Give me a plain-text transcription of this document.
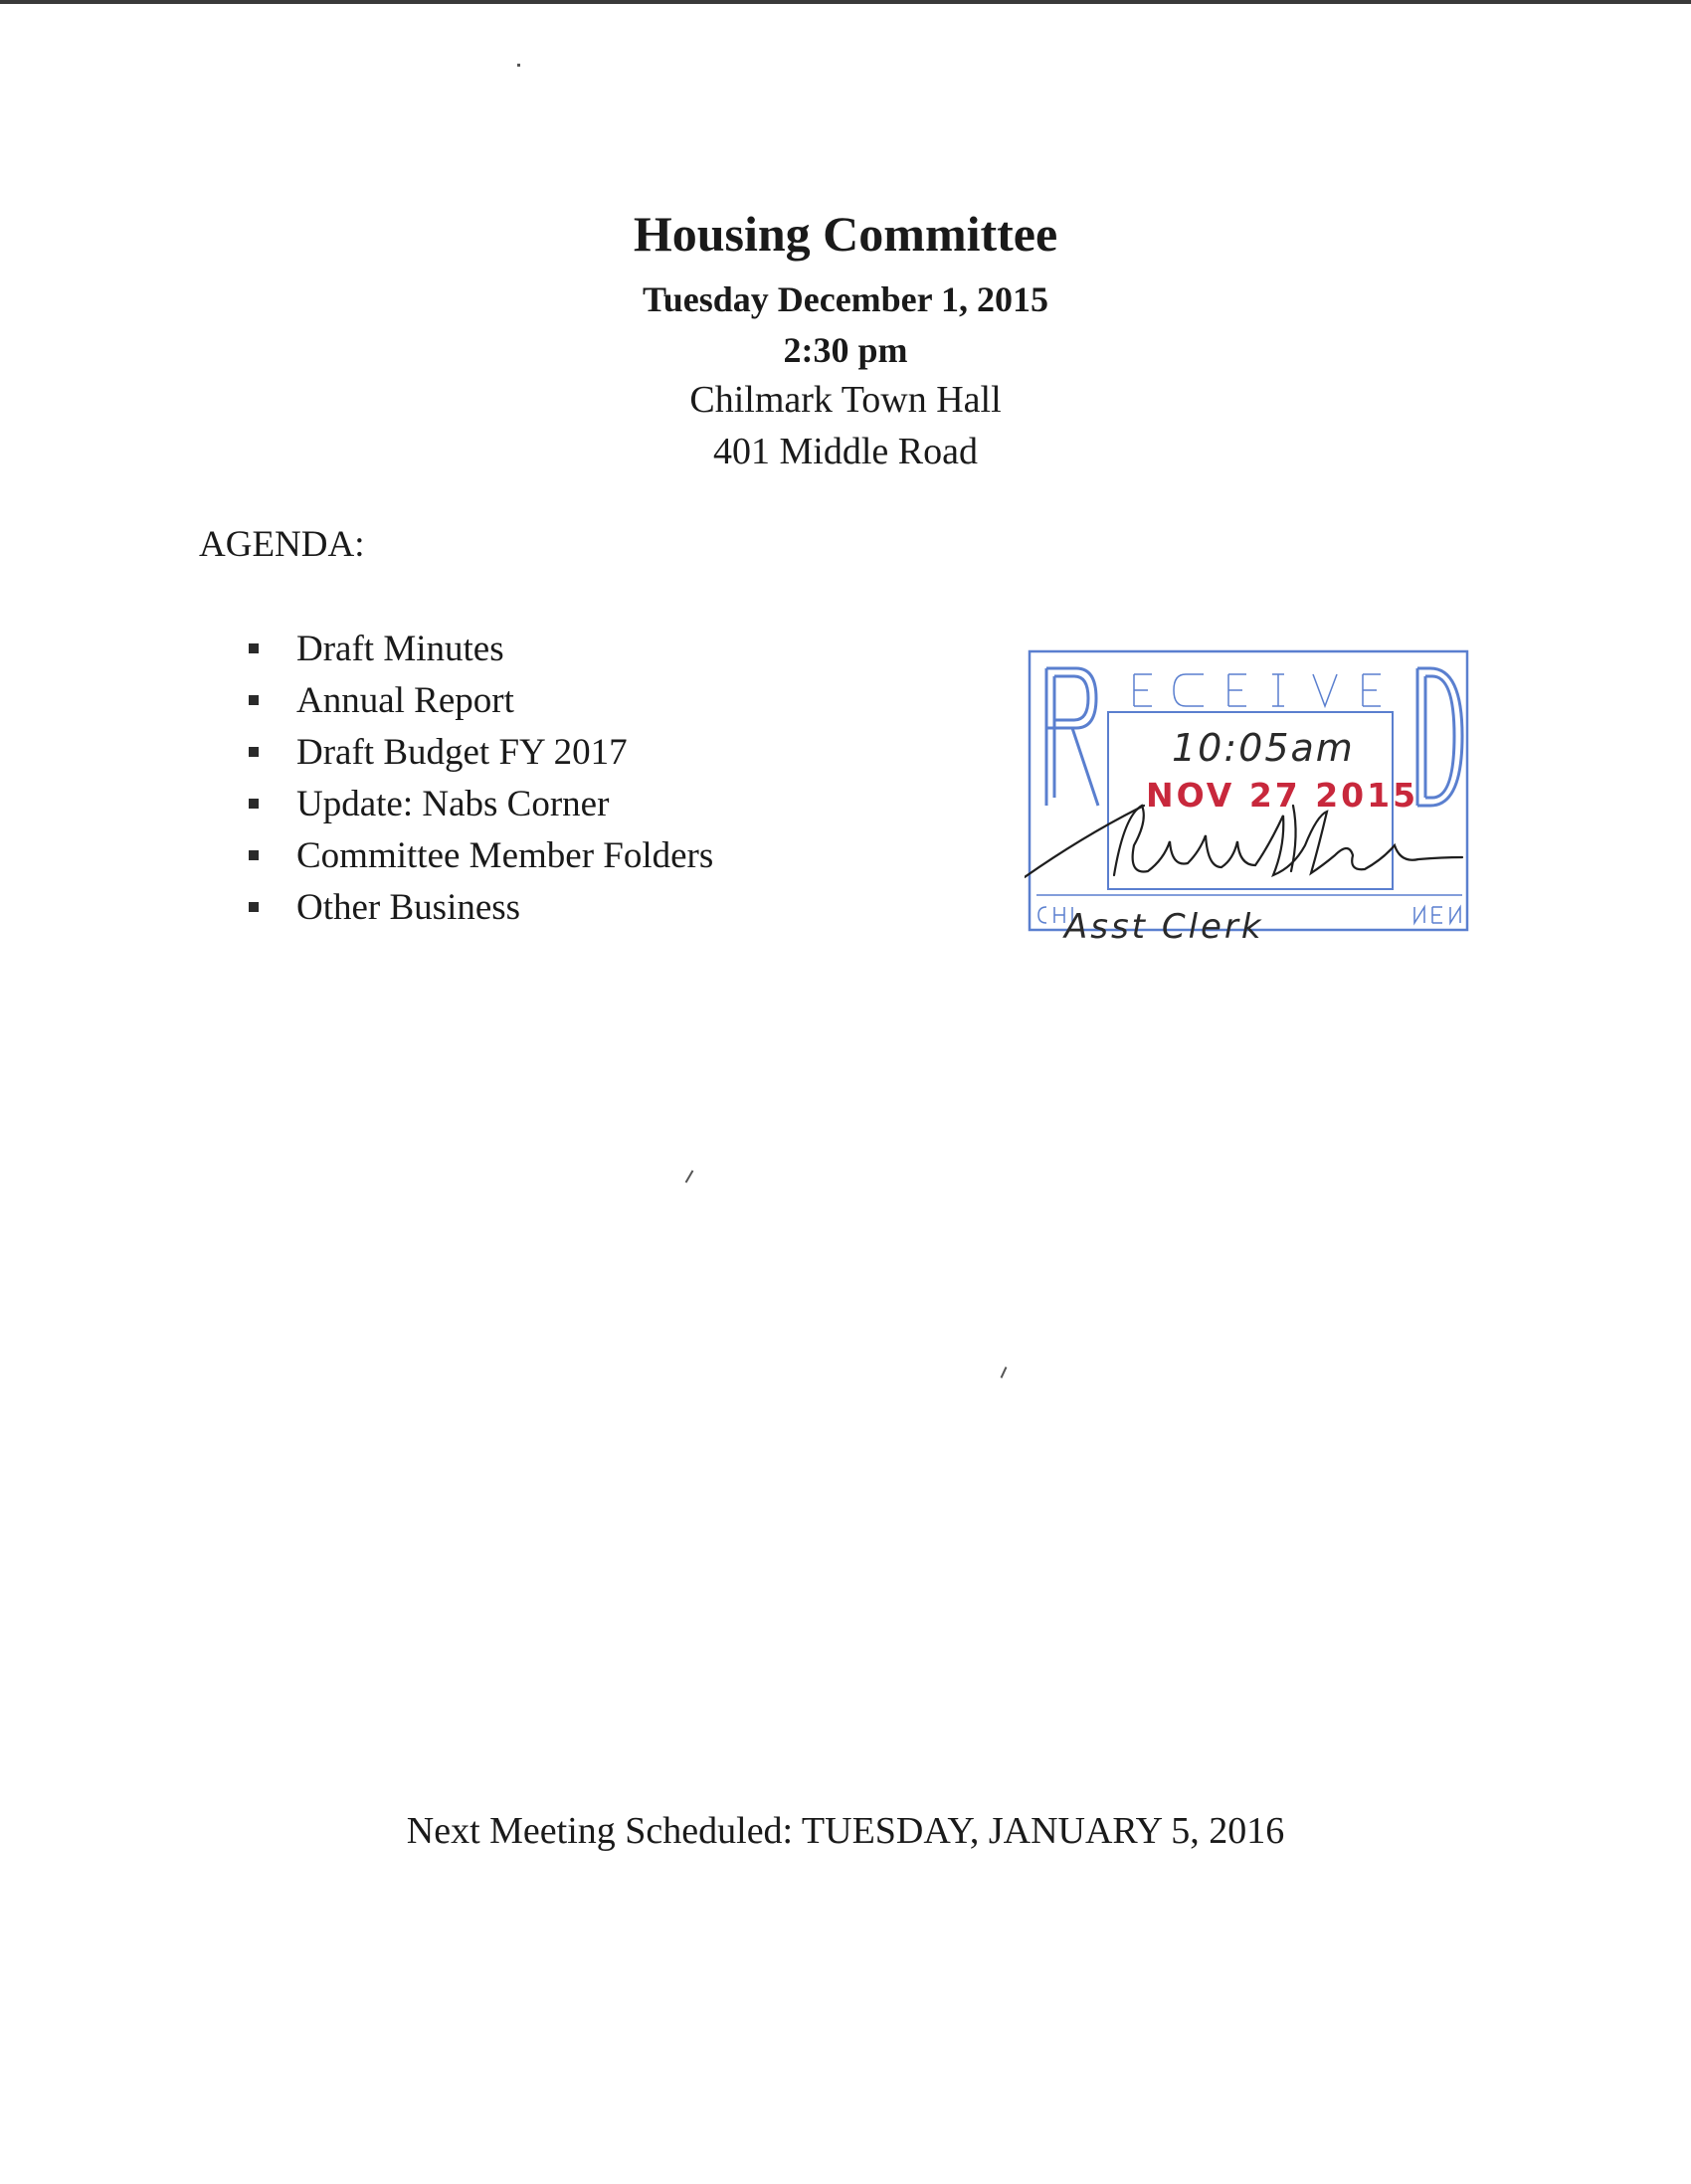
Housing Committee
Tuesday December 1, 2015
2:30 pm
Chilmark Town Hall
401 Middle Road
AGENDA:
Draft Minutes
Annual Report
Draft Budget FY 2017
Update: Nabs Corner
Committee Member Folders
Other Business
10:05am
NOV 27 2015
Asst Clerk
Next Meeting Scheduled: TUESDAY, JANUARY 5, 2016
